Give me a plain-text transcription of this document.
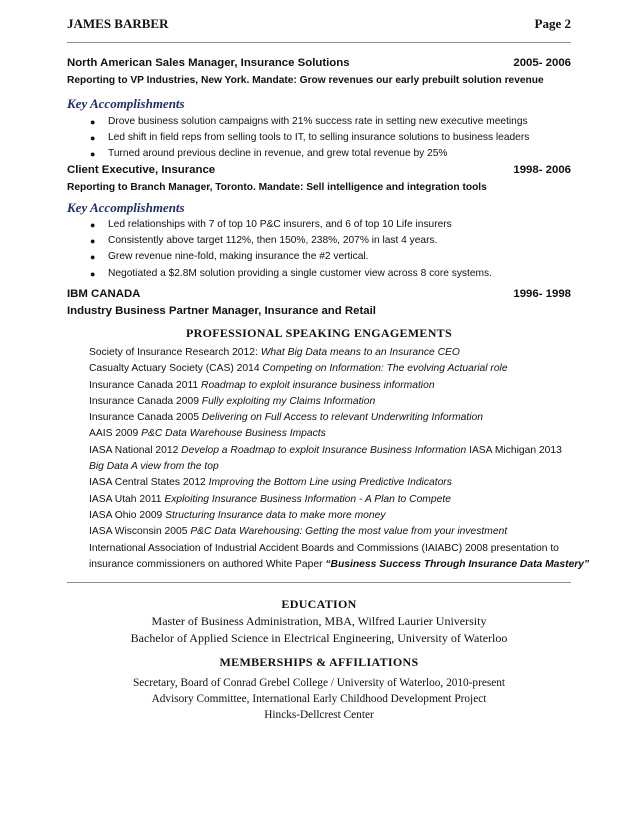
JAMES BARBER	Page 2
North American Sales Manager, Insurance Solutions	2005- 2006
Reporting to VP Industries, New York. Mandate: Grow revenues our early prebuilt solution revenue
Key Accomplishments
● Drove business solution campaigns with 21% success rate in setting new executive meetings
● Led shift in field reps from selling tools to IT, to selling insurance solutions to business leaders
● Turned around previous decline in revenue, and grew total revenue by 25%
Client Executive, Insurance	1998- 2006
Reporting to Branch Manager, Toronto. Mandate: Sell intelligence and integration tools
Key Accomplishments
● Led relationships with 7 of top 10 P&C insurers, and 6 of top 10 Life insurers
● Consistently above target 112%, then 150%, 238%, 207% in last 4 years.
● Grew revenue nine-fold, making insurance the #2 vertical.
● Negotiated a $2.8M solution providing a single customer view across 8 core systems.
IBM CANADA	1996- 1998
Industry Business Partner Manager, Insurance and Retail
PROFESSIONAL SPEAKING ENGAGEMENTS
Society of Insurance Research 2012: What Big Data means to an Insurance CEO
Casualty Actuary Society (CAS) 2014 Competing on Information: The evolving Actuarial role
Insurance Canada 2011 Roadmap to exploit insurance business information
Insurance Canada 2009 Fully exploiting my Claims Information
Insurance Canada 2005 Delivering on Full Access to relevant Underwriting Information
AAIS 2009 P&C Data Warehouse Business Impacts
IASA National 2012 Develop a Roadmap to exploit Insurance Business Information IASA Michigan 2013
Big Data A view from the top
IASA Central States 2012 Improving the Bottom Line using Predictive Indicators
IASA Utah 2011 Exploiting Insurance Business Information - A Plan to Compete
IASA Ohio 2009 Structuring Insurance data to make more money
IASA Wisconsin 2005 P&C Data Warehousing: Getting the most value from your investment
International Association of Industrial Accident Boards and Commissions (IAIABC) 2008 presentation to
insurance commissioners on authored White Paper “Business Success Through Insurance Data Mastery”
EDUCATION
Master of Business Administration, MBA, Wilfred Laurier University
Bachelor of Applied Science in Electrical Engineering, University of Waterloo
MEMBERSHIPS & AFFILIATIONS
Secretary, Board of Conrad Grebel College / University of Waterloo, 2010-present
Advisory Committee, International Early Childhood Development Project
Hincks-Dellcrest Center
